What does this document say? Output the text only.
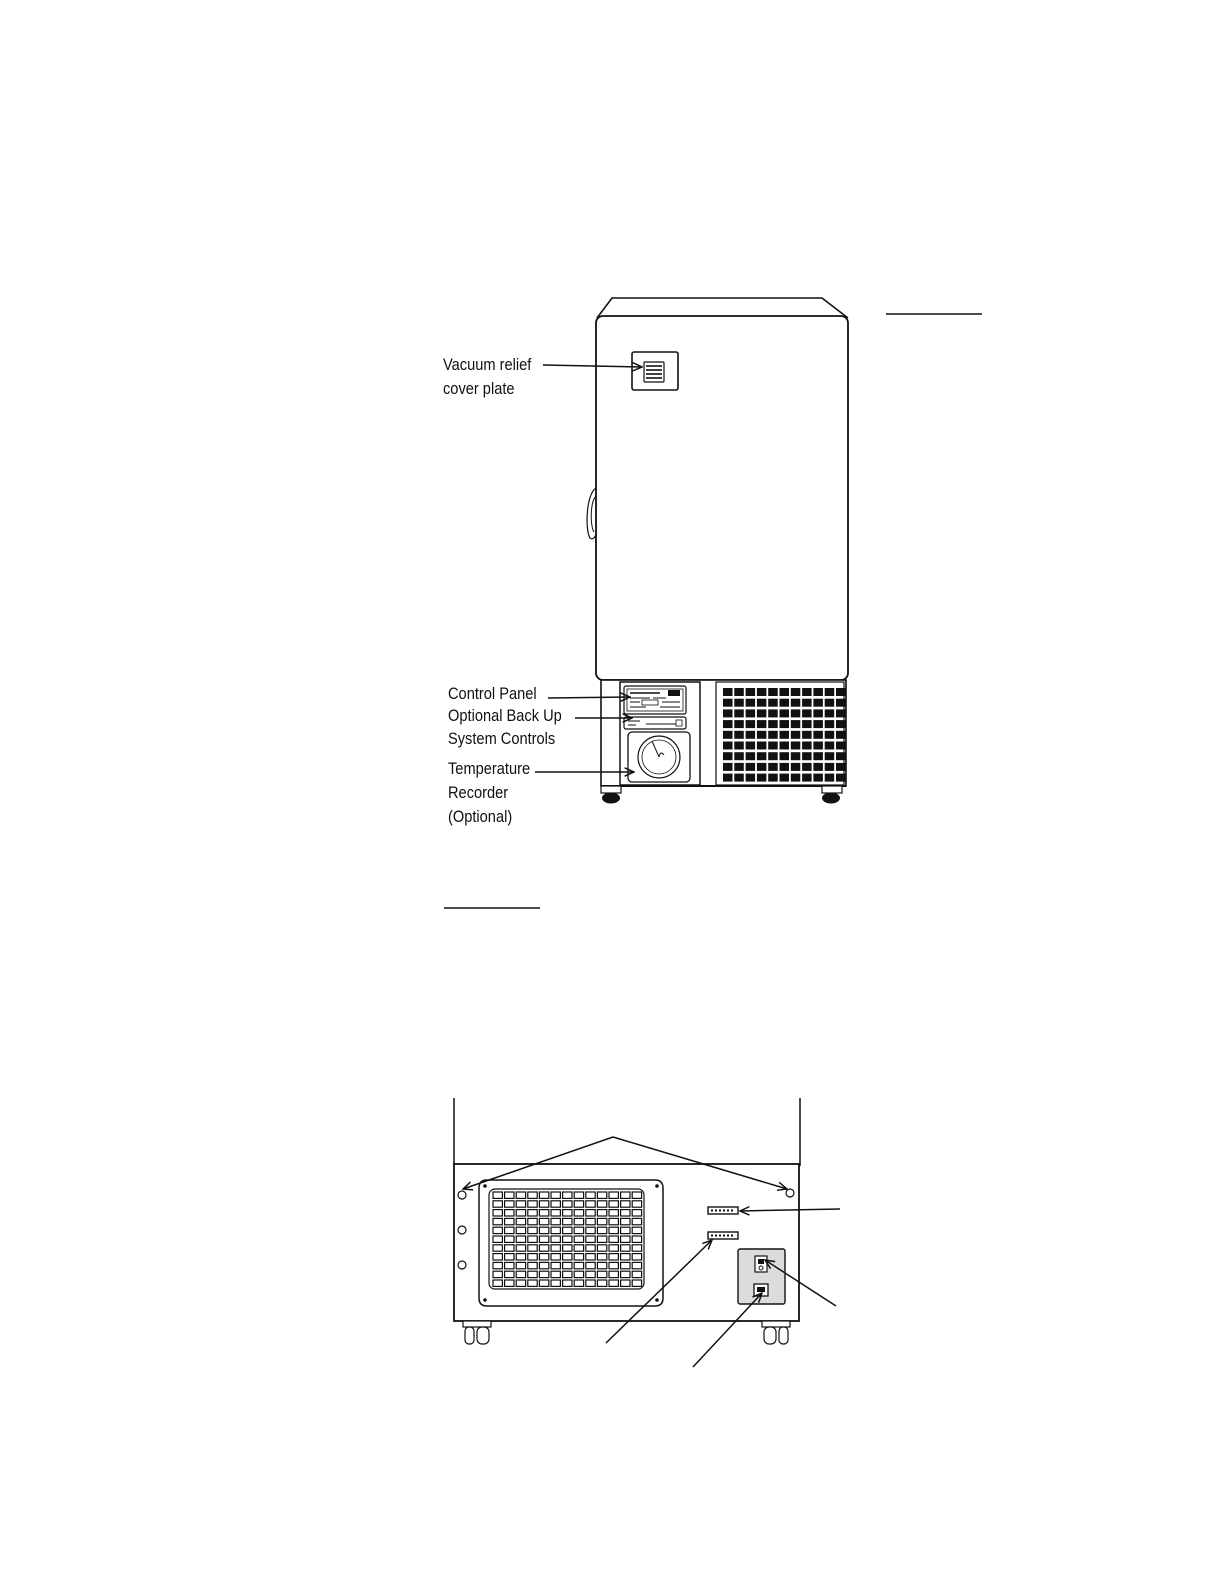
Vacuum relief
cover plate
Control Panel
Optional Back Up
System Controls
Temperature
Recorder
(Optional)
